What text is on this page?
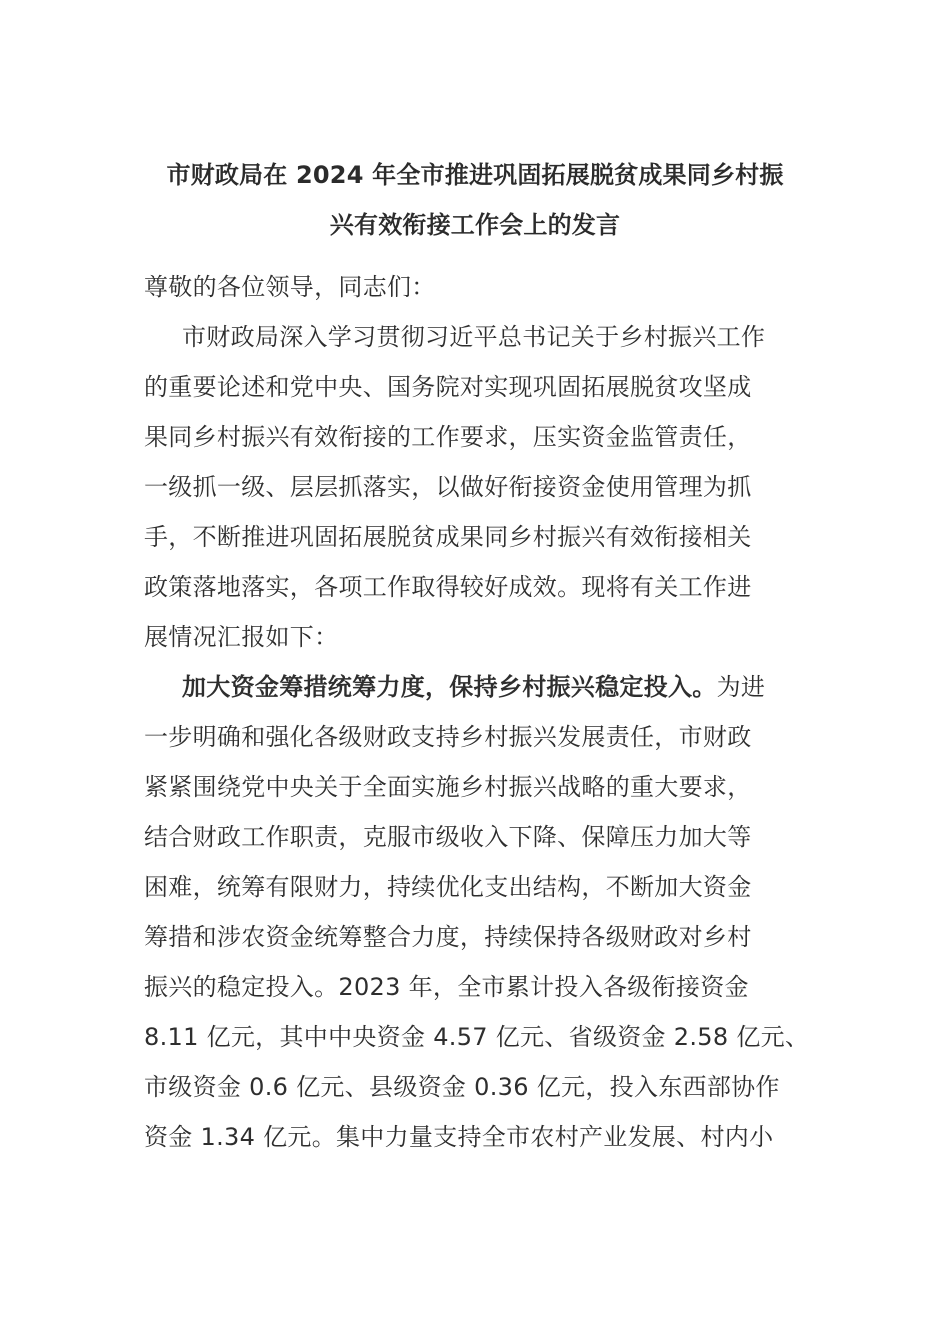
市财政局在 2024 年全市推进巩固拓展脱贫成果同乡村振
兴有效衔接工作会上的发言
尊敬的各位领导，同志们：
市财政局深入学习贯彻习近平总书记关于乡村振兴工作
的重要论述和党中央、国务院对实现巩固拓展脱贫攻坚成
果同乡村振兴有效衔接的工作要求，压实资金监管责任，
一级抓一级、层层抓落实，以做好衔接资金使用管理为抓
手，不断推进巩固拓展脱贫成果同乡村振兴有效衔接相关
政策落地落实，各项工作取得较好成效。现将有关工作进
展情况汇报如下：
加大资金筹措统筹力度，保持乡村振兴稳定投入。为进
一步明确和强化各级财政支持乡村振兴发展责任，市财政
紧紧围绕党中央关于全面实施乡村振兴战略的重大要求，
结合财政工作职责，克服市级收入下降、保障压力加大等
困难，统筹有限财力，持续优化支出结构，不断加大资金
筹措和涉农资金统筹整合力度，持续保持各级财政对乡村
振兴的稳定投入。2023 年，全市累计投入各级衔接资金
8.11 亿元，其中中央资金 4.57 亿元、省级资金 2.58 亿元、
市级资金 0.6 亿元、县级资金 0.36 亿元，投入东西部协作
资金 1.34 亿元。集中力量支持全市农村产业发展、村内小
